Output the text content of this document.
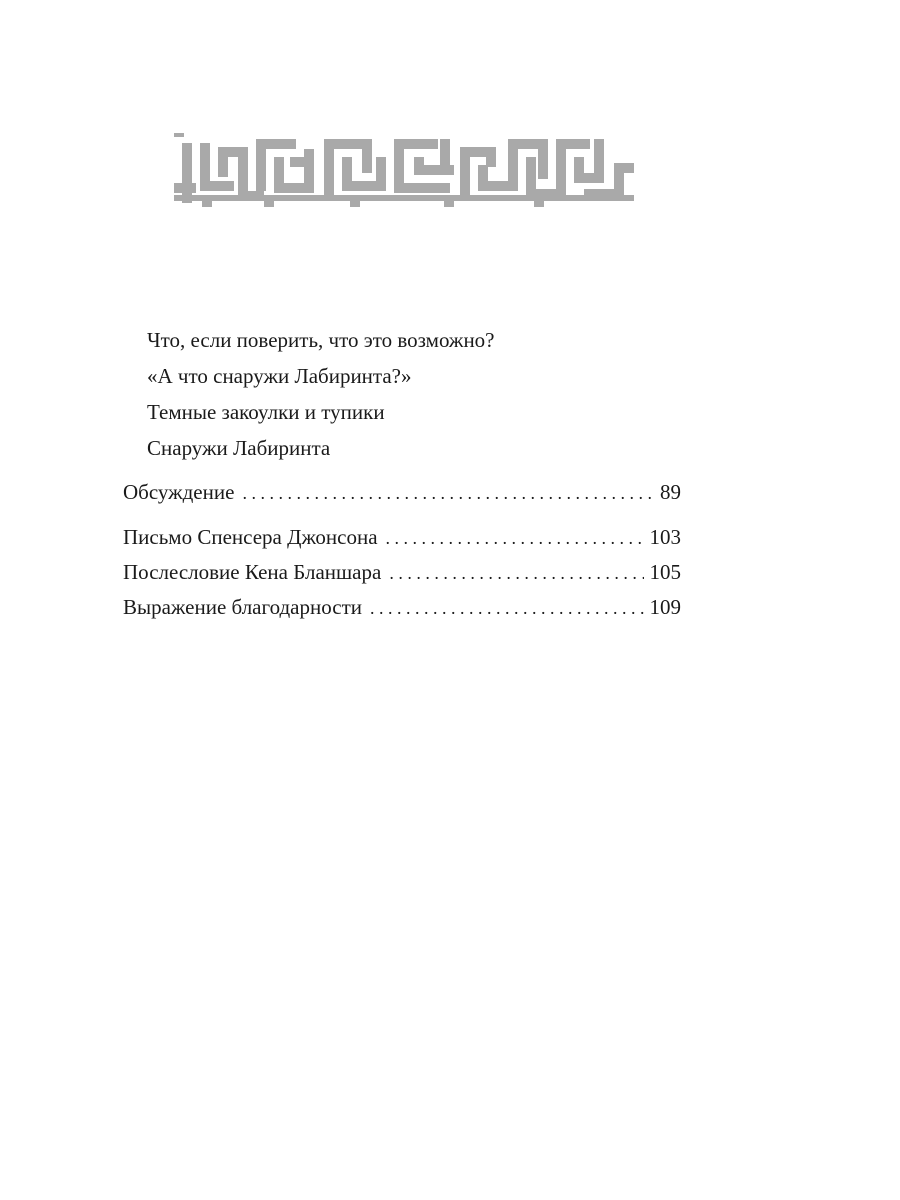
Что, если поверить, что это возможно?
«А что снаружи Лабиринта?»
Темные закоулки и тупики
Снаружи Лабиринта
Обсуждение . . .	89
Письмо Спенсера Джонсона . . .	103
Послесловие Кена Бланшара . . .	105
Выражение благодарности . . .	109
